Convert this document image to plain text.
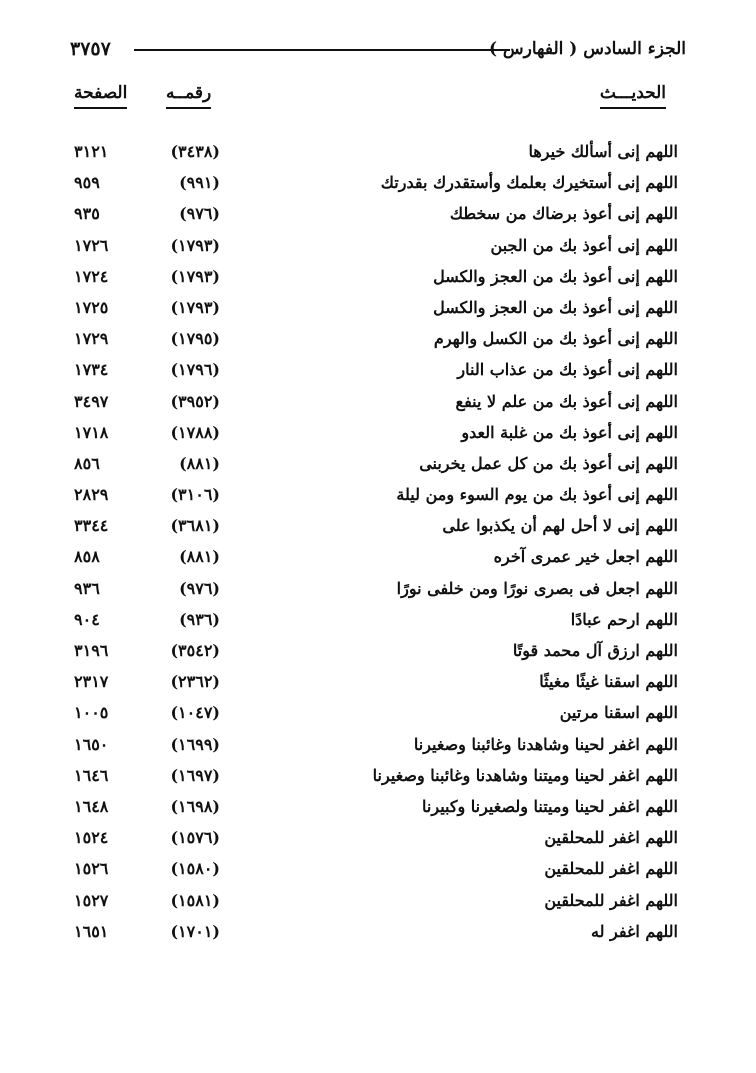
٣٧٥٧	الجزء السادس ( الفهارس )
الحديـــث
رقمــه
الصفحة
اللهم إنى أسألك خيرها
(٣٤٣٨)
٣١٢١
اللهم إنى أستخيرك بعلمك وأستقدرك بقدرتك
(٩٩١)
٩٥٩
اللهم إنى أعوذ برضاك من سخطك
(٩٧٦)
٩٣٥
اللهم إنى أعوذ بك من الجبن
(١٧٩٣)
١٧٢٦
اللهم إنى أعوذ بك من العجز والكسل
(١٧٩٣)
١٧٢٤
اللهم إنى أعوذ بك من العجز والكسل
(١٧٩٣)
١٧٢٥
اللهم إنى أعوذ بك من الكسل والهرم
(١٧٩٥)
١٧٢٩
اللهم إنى أعوذ بك من عذاب النار
(١٧٩٦)
١٧٣٤
اللهم إنى أعوذ بك من علم لا ينفع
(٣٩٥٢)
٣٤٩٧
اللهم إنى أعوذ بك من غلبة العدو
(١٧٨٨)
١٧١٨
اللهم إنى أعوذ بك من كل عمل يخربنى
(٨٨١)
٨٥٦
اللهم إنى أعوذ بك من يوم السوء ومن ليلة
(٣١٠٦)
٢٨٢٩
اللهم إنى لا أحل لهم أن يكذبوا على
(٣٦٨١)
٣٣٤٤
اللهم اجعل خير عمرى آخره
(٨٨١)
٨٥٨
اللهم اجعل فى بصرى نورًا ومن خلفى نورًا
(٩٧٦)
٩٣٦
اللهم ارحم عبادًا
(٩٣٦)
٩٠٤
اللهم ارزق آل محمد قوتًا
(٣٥٤٢)
٣١٩٦
اللهم اسقنا غيثًا مغيثًا
(٢٣٦٢)
٢٣١٧
اللهم اسقنا مرتين
(١٠٤٧)
١٠٠٥
اللهم اغفر لحينا وشاهدنا وغائبنا وصغيرنا
(١٦٩٩)
١٦٥٠
اللهم اغفر لحينا وميتنا وشاهدنا وغائبنا وصغيرنا
(١٦٩٧)
١٦٤٦
اللهم اغفر لحينا وميتنا ولصغيرنا وكبيرنا
(١٦٩٨)
١٦٤٨
اللهم اغفر للمحلقين
(١٥٧٦)
١٥٢٤
اللهم اغفر للمحلقين
(١٥٨٠)
١٥٢٦
اللهم اغفر للمحلقين
(١٥٨١)
١٥٢٧
اللهم اغفر له
(١٧٠١)
١٦٥١
